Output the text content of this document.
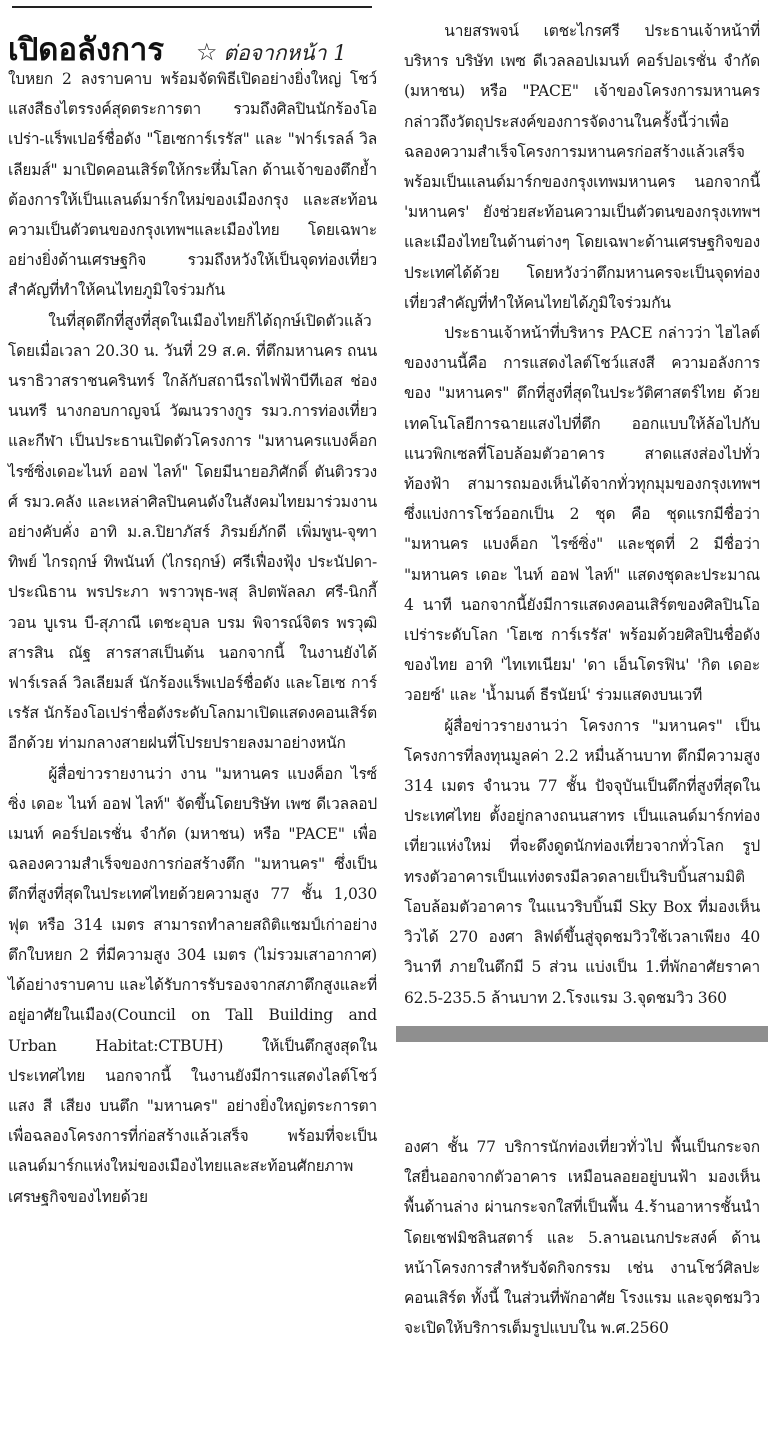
เปิดอลังการ ☆ ต่อจากหน้า 1

ใบหยก 2 ลงราบคาบ พร้อมจัดพิธีเปิดอย่างยิ่งใหญ่ โชว์แสงสีธงไตรรงค์สุดตระการตา รวมถึงศิลปินนักร้องโอเปร่า-แร็พเปอร์ชื่อดัง "โฮเซการ์เรรัส" และ "ฟาร์เรลล์ วิลเลียมส์" มาเปิดคอนเสิร์ตให้กระหึ่มโลก ด้านเจ้าของตึกย้ำ ต้องการให้เป็นแลนด์มาร์กใหม่ของเมืองกรุง และสะท้อนความเป็นตัวตนของกรุงเทพฯและเมืองไทย โดยเฉพาะอย่างยิ่งด้านเศรษฐกิจ รวมถึงหวังให้เป็นจุดท่องเที่ยวสำคัญที่ทำให้คนไทยภูมิใจร่วมกัน

ในที่สุดตึกที่สูงที่สุดในเมืองไทยก็ได้ฤกษ์เปิดตัวแล้ว โดยเมื่อเวลา 20.30 น. วันที่ 29 ส.ค. ที่ตึกมหานคร ถนนนราธิวาสราชนครินทร์ ใกล้กับสถานีรถไฟฟ้าบีทีเอส ช่องนนทรี นางกอบกาญจน์ วัฒนวรางกูร รมว.การท่องเที่ยวและกีฬา เป็นประธานเปิดตัวโครงการ "มหานครแบงค็อก ไรซ์ซิ่งเดอะไนท์ ออฟ ไลท์" โดยมีนายอภิศักดิ์ ตันติวรวงศ์ รมว.คลัง และเหล่าศิลปินคนดังในสังคมไทยมาร่วมงานอย่างคับคั่ง อาทิ ม.ล.ปิยาภัสร์ ภิรมย์ภักดี เพิ่มพูน-จุฑาทิพย์ ไกรฤกษ์ ทิพนันท์ (ไกรฤกษ์) ศรีเฟื่องฟุ้ง ประนัปดา-ประณิธาน พรประภา พราวพุธ-พสุ ลิปตพัลลภ ศรี-นิกกี้ วอน บูเรน บี-สุภาณี เตชะอุบล บรม พิจารณ์จิตร พรวุฒิ สารสิน ณัฐ สารสาสเป็นต้น นอกจากนี้ ในงานยังได้ฟาร์เรลล์ วิลเลียมส์ นักร้องแร็พเปอร์ชื่อดัง และโฮเซ การ์เรรัส นักร้องโอเปร่าชื่อดังระดับโลกมาเปิดแสดงคอนเสิร์ตอีกด้วย ท่ามกลางสายฝนที่โปรยปรายลงมาอย่างหนัก

ผู้สื่อข่าวรายงานว่า งาน "มหานคร แบงค็อก ไรซ์ซิ่ง เดอะ ไนท์ ออฟ ไลท์" จัดขึ้นโดยบริษัท เพซ ดีเวลลอปเมนท์ คอร์ปอเรชั่น จำกัด (มหาชน) หรือ "PACE" เพื่อฉลองความสำเร็จของการก่อสร้างตึก "มหานคร" ซึ่งเป็นตึกที่สูงที่สุดในประเทศไทยด้วยความสูง 77 ชั้น 1,030 ฟุต หรือ 314 เมตร สามารถทำลายสถิติแชมป์เก่าอย่างตึกใบหยก 2 ที่มีความสูง 304 เมตร (ไม่รวมเสาอากาศ) ได้อย่างราบคาบ และได้รับการรับรองจากสภาตึกสูงและที่อยู่อาศัยในเมือง(Council on Tall Building and Urban Habitat:CTBUH) ให้เป็นตึกสูงสุดในประเทศไทย นอกจากนี้ ในงานยังมีการแสดงไลต์โชว์ แสง สี เสียง บนตึก "มหานคร" อย่างยิ่งใหญ่ตระการตา เพื่อฉลองโครงการที่ก่อสร้างแล้วเสร็จ พร้อมที่จะเป็นแลนด์มาร์กแห่งใหม่ของเมืองไทยและสะท้อนศักยภาพเศรษฐกิจของไทยด้วย

นายสรพจน์ เตชะไกรศรี ประธานเจ้าหน้าที่บริหาร บริษัท เพซ ดีเวลลอปเมนท์ คอร์ปอเรชั่น จำกัด (มหาชน) หรือ "PACE" เจ้าของโครงการมหานคร กล่าวถึงวัตถุประสงค์ของการจัดงานในครั้งนี้ว่าเพื่อฉลองความสำเร็จโครงการมหานครก่อสร้างแล้วเสร็จ พร้อมเป็นแลนด์มาร์กของกรุงเทพมหานคร นอกจากนี้ 'มหานคร' ยังช่วยสะท้อนความเป็นตัวตนของกรุงเทพฯ และเมืองไทยในด้านต่างๆ โดยเฉพาะด้านเศรษฐกิจของประเทศได้ด้วย โดยหวังว่าตึกมหานครจะเป็นจุดท่องเที่ยวสำคัญที่ทำให้คนไทยได้ภูมิใจร่วมกัน

ประธานเจ้าหน้าที่บริหาร PACE กล่าวว่า ไฮไลต์ของงานนี้คือ การแสดงไลต์โชว์แสงสี ความอลังการของ "มหานคร" ตึกที่สูงที่สุดในประวัติศาสตร์ไทย ด้วยเทคโนโลยีการฉายแสงไปที่ตึก ออกแบบให้ล้อไปกับแนวพิกเซลที่โอบล้อมตัวอาคาร สาดแสงส่องไปทั่วท้องฟ้า สามารถมองเห็นได้จากทั่วทุกมุมของกรุงเทพฯ ซึ่งแบ่งการโชว์ออกเป็น 2 ชุด คือ ชุดแรกมีชื่อว่า "มหานคร แบงค็อก ไรซ์ซิ่ง" และชุดที่ 2 มีชื่อว่า "มหานคร เดอะ ไนท์ ออฟ ไลท์" แสดงชุดละประมาณ 4 นาที นอกจากนี้ยังมีการแสดงคอนเสิร์ตของศิลปินโอเปร่าระดับโลก 'โฮเซ การ์เรรัส' พร้อมด้วยศิลปินชื่อดังของไทย อาทิ 'ไทเทเนียม' 'ดา เอ็นโดรฟิน' 'กิต เดอะวอยซ์' และ 'น้ำมนต์ ธีรนัยน์' ร่วมแสดงบนเวที

ผู้สื่อข่าวรายงานว่า โครงการ "มหานคร" เป็นโครงการที่ลงทุนมูลค่า 2.2 หมื่นล้านบาท ตึกมีความสูง 314 เมตร จำนวน 77 ชั้น ปัจจุบันเป็นตึกที่สูงที่สุดในประเทศไทย ตั้งอยู่กลางถนนสาทร เป็นแลนด์มาร์กท่องเที่ยวแห่งใหม่ ที่จะดึงดูดนักท่องเที่ยวจากทั่วโลก รูปทรงตัวอาคารเป็นแท่งตรงมีลวดลายเป็นริบบิ้นสามมิติโอบล้อมตัวอาคาร ในแนวริบบิ้นมี Sky Box ที่มองเห็นวิวได้ 270 องศา ลิฟต์ขึ้นสู่จุดชมวิวใช้เวลาเพียง 40 วินาที ภายในตึกมี 5 ส่วน แบ่งเป็น 1.ที่พักอาศัยราคา 62.5-235.5 ล้านบาท 2.โรงแรม 3.จุดชมวิว 360

องศา ชั้น 77 บริการนักท่องเที่ยวทั่วไป พื้นเป็นกระจกใสยื่นออกจากตัวอาคาร เหมือนลอยอยู่บนฟ้า มองเห็นพื้นด้านล่าง ผ่านกระจกใสที่เป็นพื้น 4.ร้านอาหารชั้นนำโดยเชฟมิชลินสตาร์ และ 5.ลานอเนกประสงค์ ด้านหน้าโครงการสำหรับจัดกิจกรรม เช่น งานโชว์ศิลปะ คอนเสิร์ต ทั้งนี้ ในส่วนที่พักอาศัย โรงแรม และจุดชมวิว จะเปิดให้บริการเต็มรูปแบบใน พ.ศ.2560
